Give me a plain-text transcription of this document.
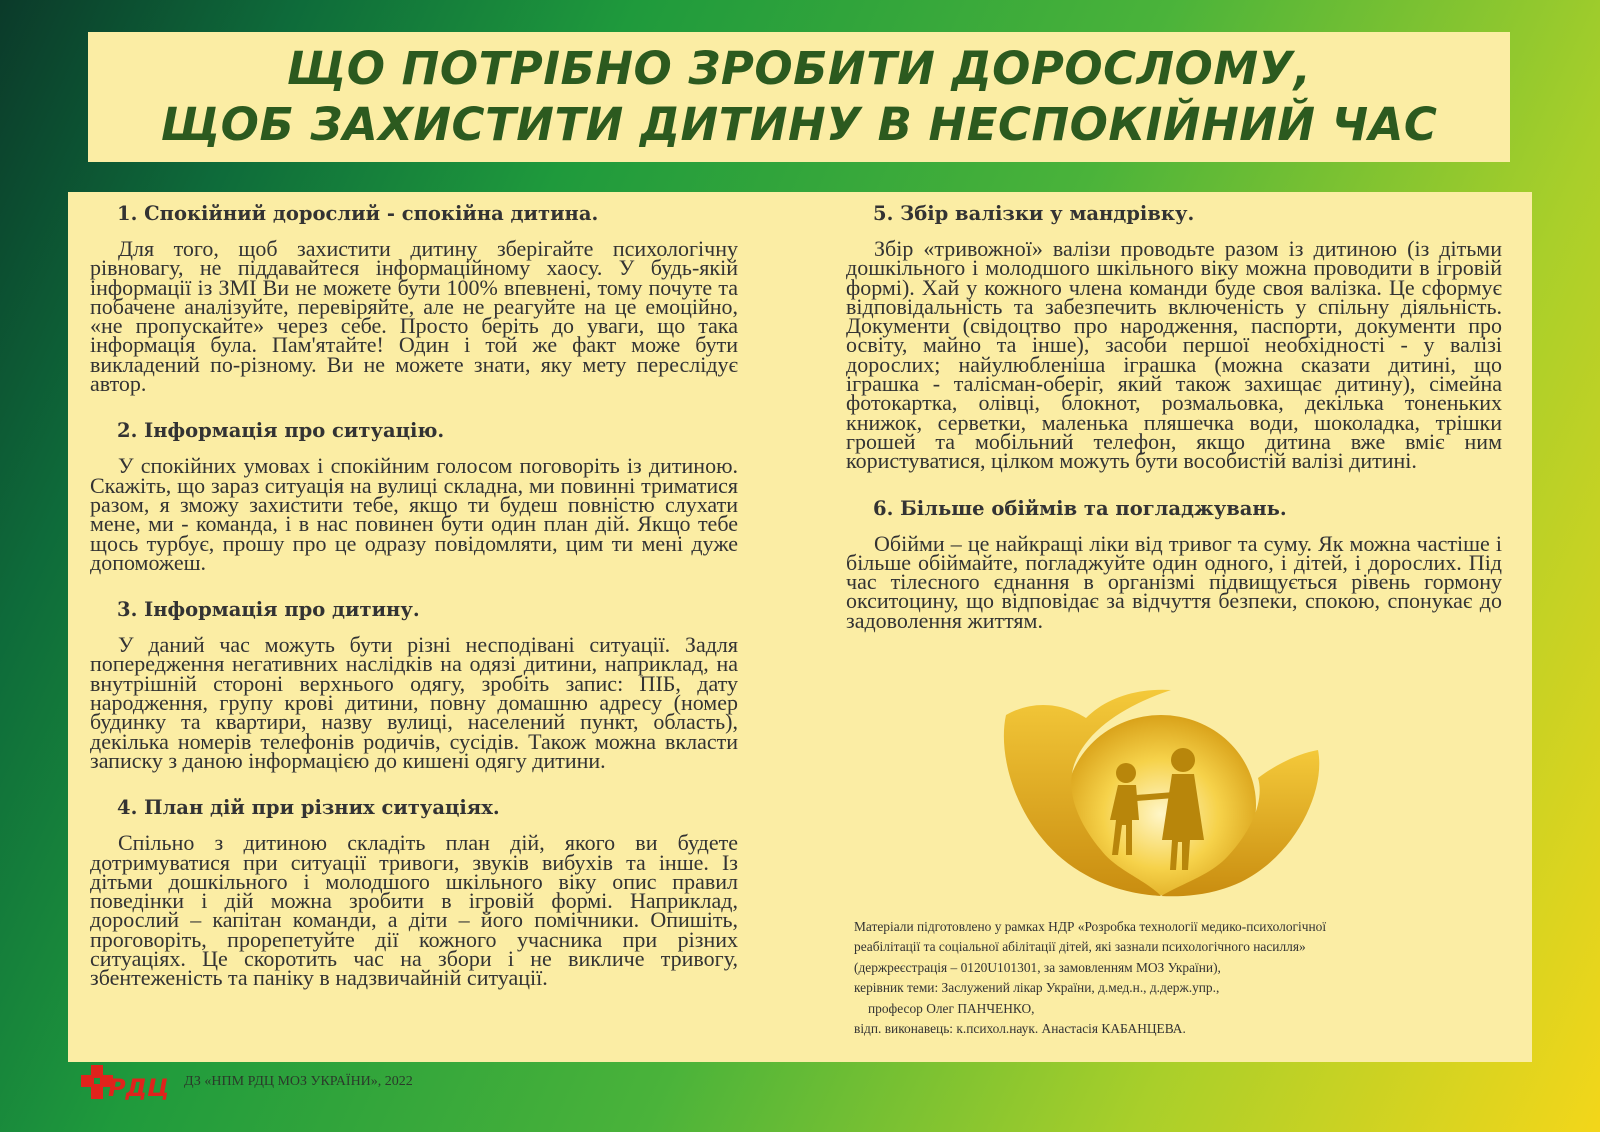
ЩО ПОТРІБНО ЗРОБИТИ ДОРОСЛОМУ,
ЩОБ ЗАХИСТИТИ ДИТИНУ В НЕСПОКІЙНИЙ ЧАС
1. Спокійний дорослий - спокійна дитина.
Для того, щоб захистити дитину зберігайте психологічну рівновагу, не піддавайтеся інформаційному хаосу. У будь-якій інформації із ЗМІ Ви не можете бути 100% впевнені, тому почуте та побачене аналізуйте, перевіряйте, але не реагуйте на це емоційно, «не пропускайте» через себе. Просто беріть до уваги, що така інформація була. Пам'ятайте! Один і той же факт може бути викладений по-різному. Ви не можете знати, яку мету переслідує автор.
2. Інформація про ситуацію.
У спокійних умовах і спокійним голосом поговоріть із дитиною. Скажіть, що зараз ситуація на вулиці складна, ми повинні триматися разом, я зможу захистити тебе, якщо ти будеш повністю слухати мене, ми - команда, і в нас повинен бути один план дій. Якщо тебе щось турбує, прошу про це одразу повідомляти, цим ти мені дуже допоможеш.
3. Інформація про дитину.
У даний час можуть бути різні несподівані ситуації. Задля попередження негативних наслідків на одязі дитини, наприклад, на внутрішній стороні верхнього одягу, зробіть запис: ПІБ, дату народження, групу крові дитини, повну домашню адресу (номер будинку та квартири, назву вулиці, населений пункт, область), декілька номерів телефонів родичів, сусідів. Також можна вкласти записку з даною інформацією до кишені одягу дитини.
4. План дій при різних ситуаціях.
Спільно з дитиною складіть план дій, якого ви будете дотримуватися при ситуації тривоги, звуків вибухів та інше. Із дітьми дошкільного і молодшого шкільного віку опис правил поведінки і дій можна зробити в ігровій формі. Наприклад, дорослий – капітан команди, а діти – його помічники. Опишіть, проговоріть, прорепетуйте дії кожного учасника при різних ситуаціях. Це скоротить час на збори і не викличе тривогу, збентеженість та паніку в надзвичайній ситуації.
5. Збір валізки у мандрівку.
Збір «тривожної» валізи проводьте разом із дитиною (із дітьми дошкільного і молодшого шкільного віку можна проводити в ігровій формі). Хай у кожного члена команди буде своя валізка. Це сформує відповідальність та забезпечить включеність у спільну діяльність. Документи (свідоцтво про народження, паспорти, документи про освіту, майно та інше), засоби першої необхідності - у валізі дорослих; найулюбленіша іграшка (можна сказати дитині, що іграшка - талісман-оберіг, який також захищає дитину), сімейна фотокартка, олівці, блокнот, розмальовка, декілька тоненьких книжок, серветки, маленька пляшечка води, шоколадка, трішки грошей та мобільний телефон, якщо дитина вже вміє ним користуватися, цілком можуть бути вособистій валізі дитині.
6. Більше обіймів та погладжувань.
Обійми – це найкращі ліки від тривог та суму. Як можна частіше і більше обіймайте, погладжуйте один одного, і дітей, і дорослих. Під час тілесного єднання в організмі підвищується рівень гормону окситоцину, що відповідає за відчуття безпеки, спокою, спонукає до задоволення життям.
Матеріали підготовлено у рамках НДР «Розробка технології медико-психологічної
реабілітації та соціальної абілітації дітей, які зазнали психологічного насилля»
(держреєстрація – 0120U101301, за замовленням МОЗ України),
керівник теми: Заслужений лікар України, д.мед.н., д.держ.упр.,
професор Олег ПАНЧЕНКО,
відп. виконавець: к.психол.наук. Анастасія КАБАНЦЕВА.
РДЦ ДЗ «НПМ РДЦ МОЗ УКРАЇНИ», 2022
